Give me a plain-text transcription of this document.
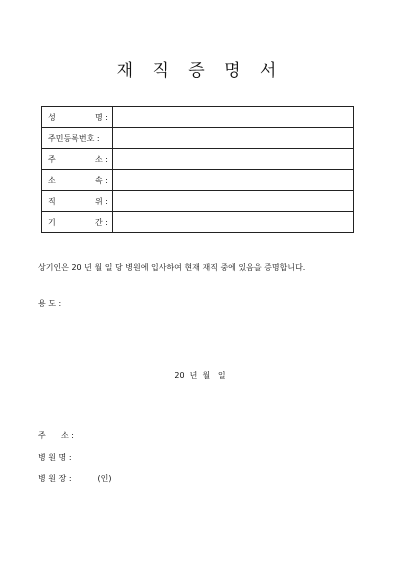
재 직 증 명 서
성 명 :	

주민등록번호 :	

주 소 :	

소 속 :	

직 위 :	

기 간 :	

상기인은 20 년 월 일 당 병원에 입사하여 현재 재직 중에 있음을 증명합니다.
용 도 :
20  년  월   일
주      소 :
병 원 명 :
병 원 장 :	(인)
